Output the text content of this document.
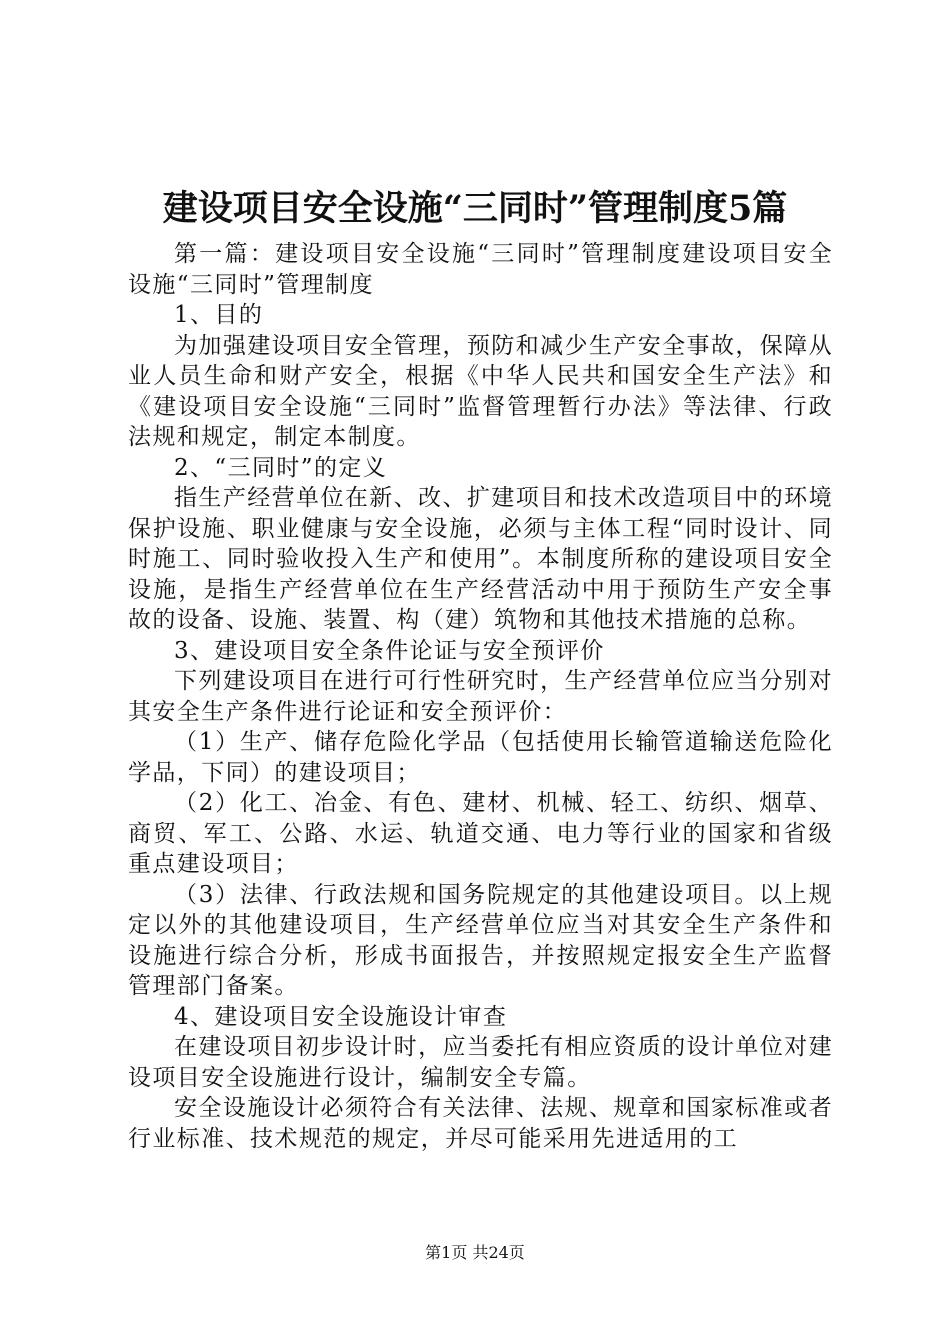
建设项目安全设施“三同时”管理制度5篇

第一篇：建设项目安全设施“三同时”管理制度建设项目安全设施“三同时”管理制度

1、目的

为加强建设项目安全管理，预防和减少生产安全事故，保障从业人员生命和财产安全，根据《中华人民共和国安全生产法》和《建设项目安全设施“三同时”监督管理暂行办法》等法律、行政法规和规定，制定本制度。

2、“三同时”的定义

指生产经营单位在新、改、扩建项目和技术改造项目中的环境保护设施、职业健康与安全设施，必须与主体工程“同时设计、同时施工、同时验收投入生产和使用”。本制度所称的建设项目安全设施，是指生产经营单位在生产经营活动中用于预防生产安全事故的设备、设施、装置、构（建）筑物和其他技术措施的总称。

3、建设项目安全条件论证与安全预评价

下列建设项目在进行可行性研究时，生产经营单位应当分别对其安全生产条件进行论证和安全预评价：

（1）生产、储存危险化学品（包括使用长输管道输送危险化学品，下同）的建设项目；

（2）化工、冶金、有色、建材、机械、轻工、纺织、烟草、商贸、军工、公路、水运、轨道交通、电力等行业的国家和省级重点建设项目；

（3）法律、行政法规和国务院规定的其他建设项目。以上规定以外的其他建设项目，生产经营单位应当对其安全生产条件和设施进行综合分析，形成书面报告，并按照规定报安全生产监督管理部门备案。

4、建设项目安全设施设计审查

在建设项目初步设计时，应当委托有相应资质的设计单位对建设项目安全设施进行设计，编制安全专篇。

安全设施设计必须符合有关法律、法规、规章和国家标准或者行业标准、技术规范的规定，并尽可能采用先进适用的工

第1页 共24页
